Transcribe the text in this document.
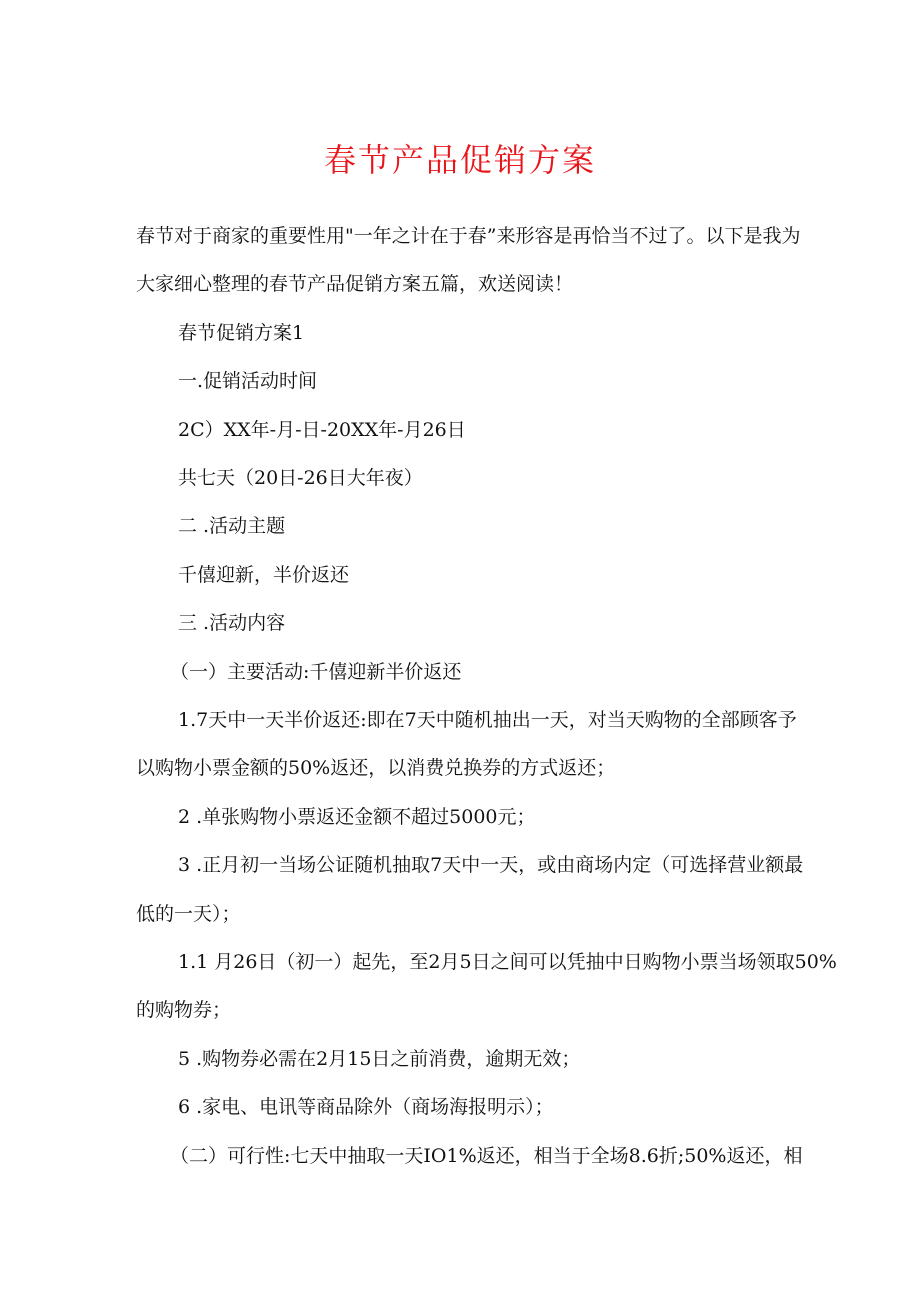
春节产品促销方案
春节对于商家的重要性用"一年之计在于春”来形容是再恰当不过了。以下是我为
大家细心整理的春节产品促销方案五篇，欢送阅读！
春节促销方案1
一.促销活动时间
2C）XX年-月-日-20XX年-月26日
共七天（20日-26日大年夜）
二 .活动主题
千僖迎新，半价返还
三 .活动内容
（一）主要活动:千僖迎新半价返还
1.7天中一天半价返还:即在7天中随机抽出一天，对当天购物的全部顾客予
以购物小票金额的50%返还，以消费兑换券的方式返还；
2 .单张购物小票返还金额不超过5000元；
3 .正月初一当场公证随机抽取7天中一天，或由商场内定（可选择营业额最
低的一天）；
1.1 月26日（初一）起先，至2月5日之间可以凭抽中日购物小票当场领取50%
的购物券；
5 .购物券必需在2月15日之前消费，逾期无效；
6 .家电、电讯等商品除外（商场海报明示）；
（二）可行性:七天中抽取一天IO1%返还，相当于全场8.6折;50%返还，相
